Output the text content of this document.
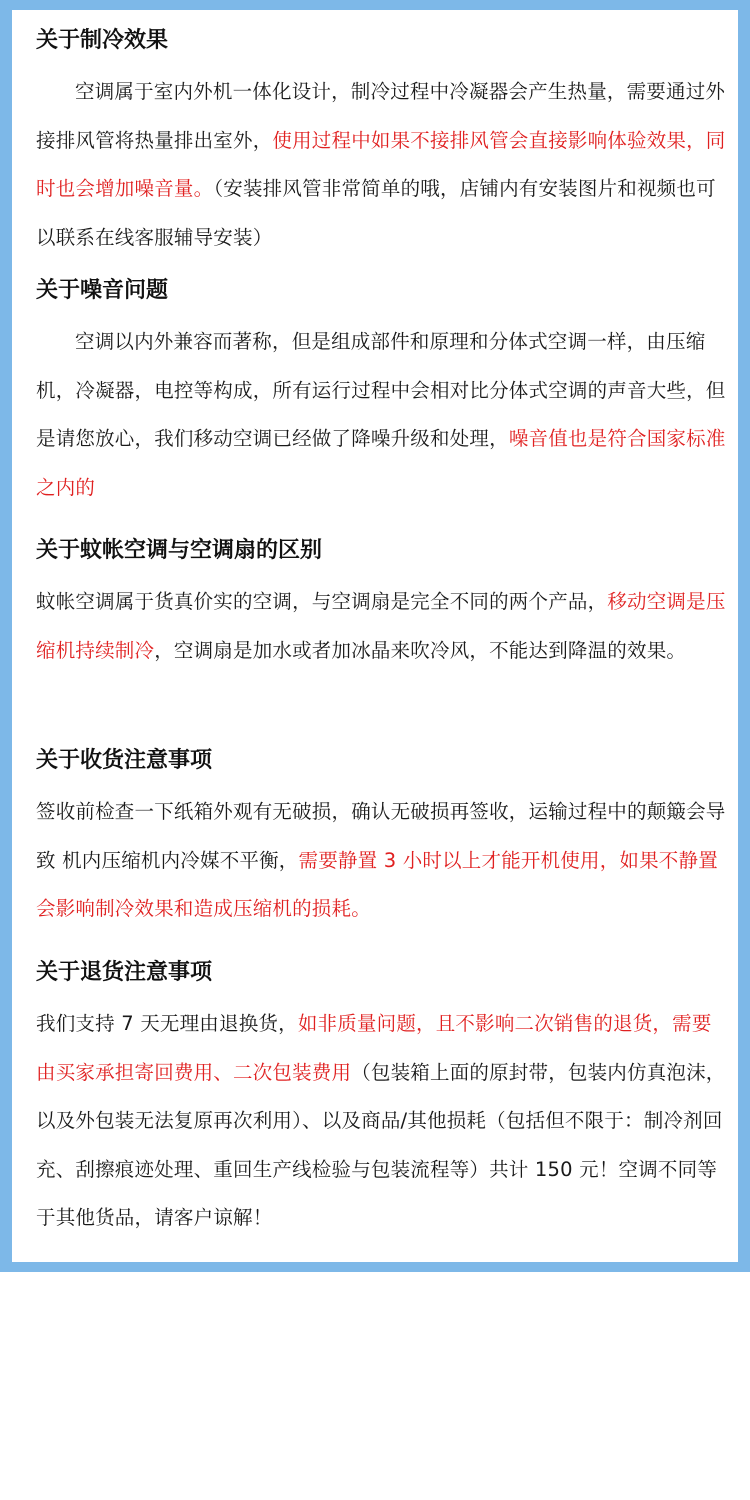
关于制冷效果
空调属于室内外机一体化设计，制冷过程中冷凝器会产生热量，需要通过外接排风管将热量排出室外，使用过程中如果不接排风管会直接影响体验效果，同时也会增加噪音量。（安装排风管非常简单的哦，店铺内有安装图片和视频也可以联系在线客服辅导安装）
关于噪音问题
空调以内外兼容而著称，但是组成部件和原理和分体式空调一样，由压缩机，冷凝器，电控等构成，所有运行过程中会相对比分体式空调的声音大些，但是请您放心，我们移动空调已经做了降噪升级和处理，噪音值也是符合国家标准之内的
关于蚊帐空调与空调扇的区别
蚊帐空调属于货真价实的空调，与空调扇是完全不同的两个产品，移动空调是压缩机持续制冷，空调扇是加水或者加冰晶来吹冷风，不能达到降温的效果。
关于收货注意事项
签收前检查一下纸箱外观有无破损，确认无破损再签收，运输过程中的颠簸会导致 机内压缩机内冷媒不平衡，需要静置 3 小时以上才能开机使用，如果不静置会影响制冷效果和造成压缩机的损耗。
关于退货注意事项
我们支持 7 天无理由退换货，如非质量问题，且不影响二次销售的退货，需要由买家承担寄回费用、二次包装费用（包装箱上面的原封带，包装内仿真泡沫，以及外包装无法复原再次利用）、以及商品/其他损耗（包括但不限于：制冷剂回充、刮擦痕迹处理、重回生产线检验与包装流程等）共计 150 元！空调不同等于其他货品，请客户谅解！
